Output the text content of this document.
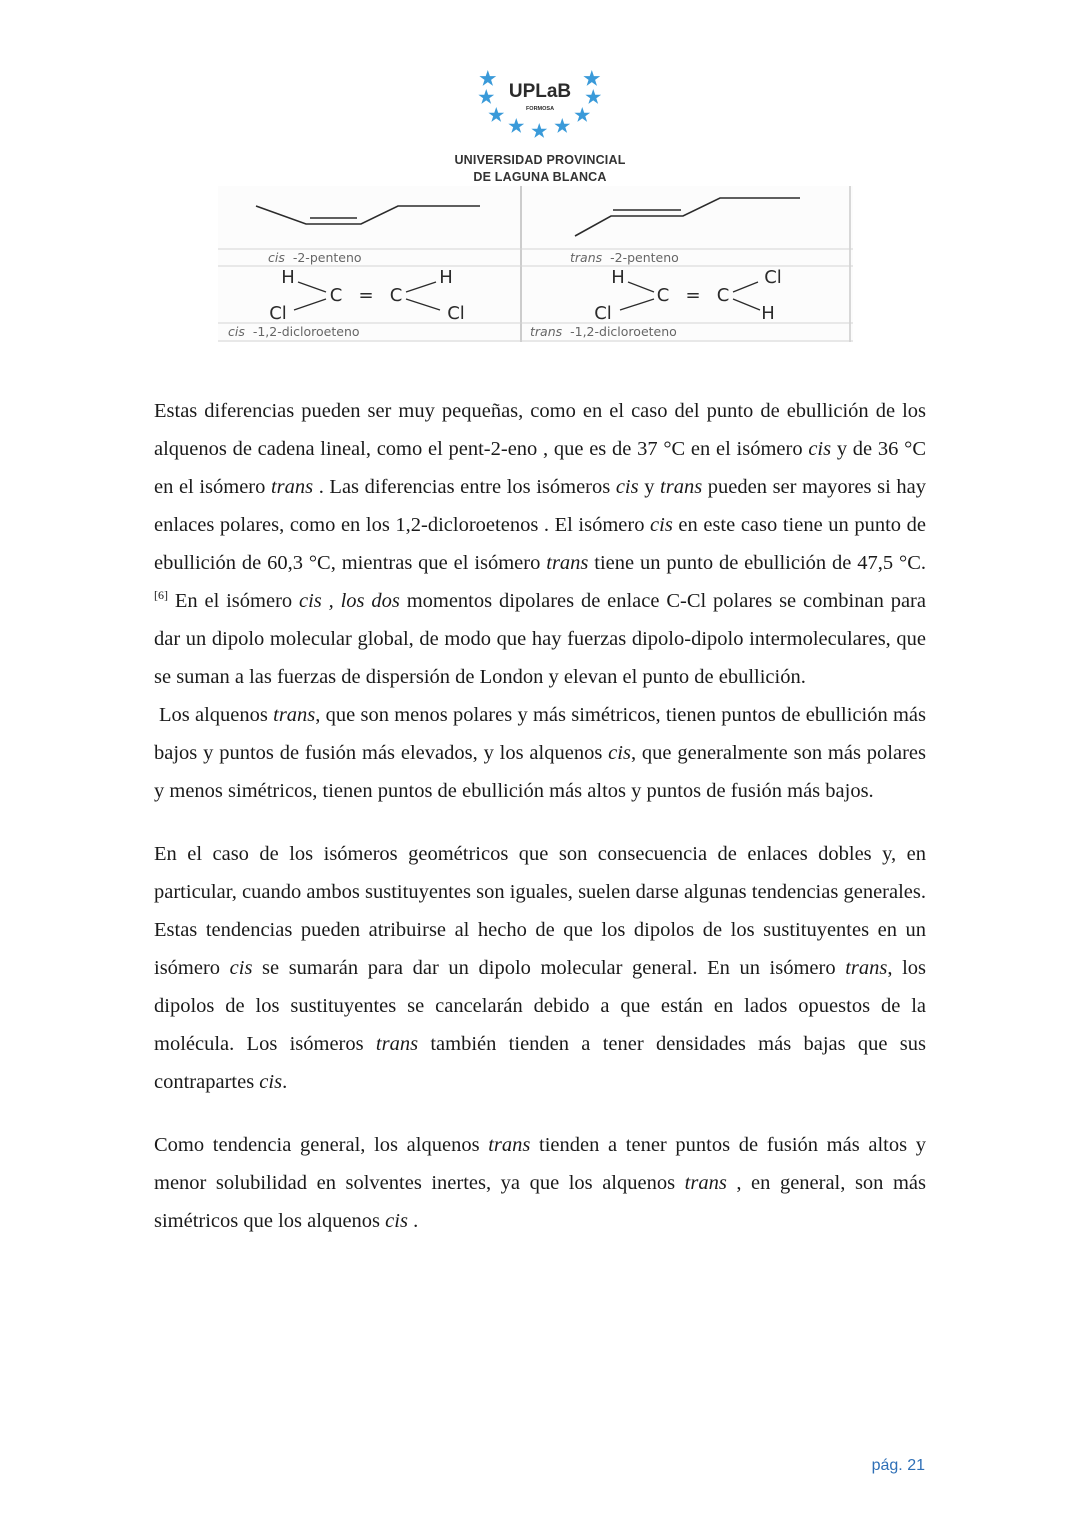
UPLaB
FORMOSA
UNIVERSIDAD PROVINCIAL
DE LAGUNA BLANCA
cis -2-penteno	trans -2-penteno
H	H
C = C
Cl	Cl
H	Cl
C = C
Cl	H
cis -1,2-dicloroeteno	trans -1,2-dicloroeteno

Estas diferencias pueden ser muy pequeñas, como en el caso del punto de ebullición de los alquenos de cadena lineal, como el pent-2-eno , que es de 37 °C en el isómero cis y de 36 °C en el isómero trans . Las diferencias entre los isómeros cis y trans pueden ser mayores si hay enlaces polares, como en los 1,2-dicloroetenos . El isómero cis en este caso tiene un punto de ebullición de 60,3 °C, mientras que el isómero trans tiene un punto de ebullición de 47,5 °C. [6] En el isómero cis , los dos momentos dipolares de enlace C-Cl polares se combinan para dar un dipolo molecular global, de modo que hay fuerzas dipolo-dipolo intermoleculares, que se suman a las fuerzas de dispersión de London y elevan el punto de ebullición.

Los alquenos trans, que son menos polares y más simétricos, tienen puntos de ebullición más bajos y puntos de fusión más elevados, y los alquenos cis, que generalmente son más polares y menos simétricos, tienen puntos de ebullición más altos y puntos de fusión más bajos.

En el caso de los isómeros geométricos que son consecuencia de enlaces dobles y, en particular, cuando ambos sustituyentes son iguales, suelen darse algunas tendencias generales. Estas tendencias pueden atribuirse al hecho de que los dipolos de los sustituyentes en un isómero cis se sumarán para dar un dipolo molecular general. En un isómero trans, los dipolos de los sustituyentes se cancelarán debido a que están en lados opuestos de la molécula. Los isómeros trans también tienden a tener densidades más bajas que sus contrapartes cis.

Como tendencia general, los alquenos trans tienden a tener puntos de fusión más altos y menor solubilidad en solventes inertes, ya que los alquenos trans , en general, son más simétricos que los alquenos cis .

pág. 21
